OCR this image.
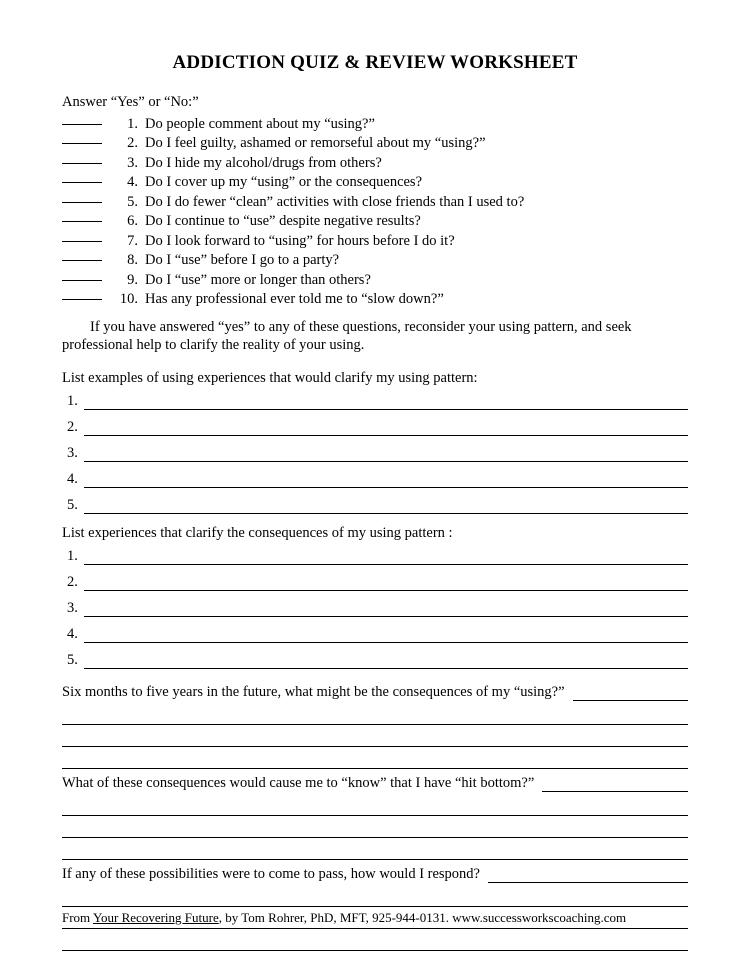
ADDICTION QUIZ & REVIEW WORKSHEET
Answer “Yes” or “No:”
1. Do people comment about my “using?”
2. Do I feel guilty, ashamed or remorseful about my “using?”
3. Do I hide my alcohol/drugs from others?
4. Do I cover up my “using” or the consequences?
5. Do I do fewer “clean” activities with close friends than I used to?
6. Do I continue to “use” despite negative results?
7. Do I look forward to “using” for hours before I do it?
8. Do I “use” before I go to a party?
9. Do I “use” more or longer than others?
10. Has any professional ever told me to “slow down?”

If you have answered “yes” to any of these questions, reconsider your using pattern, and seek professional help to clarify the reality of your using.

List examples of using experiences that would clarify my using pattern:
1.
2.
3.
4.
5.
List experiences that clarify the consequences of my using pattern :
1.
2.
3.
4.
5.
Six months to five years in the future, what might be the consequences of my “using?”
What of these consequences would cause me to “know” that I have “hit bottom?”
If any of these possibilities were to come to pass, how would I respond?
From Your Recovering Future, by Tom Rohrer, PhD, MFT, 925-944-0131. www.successworkscoaching.com
